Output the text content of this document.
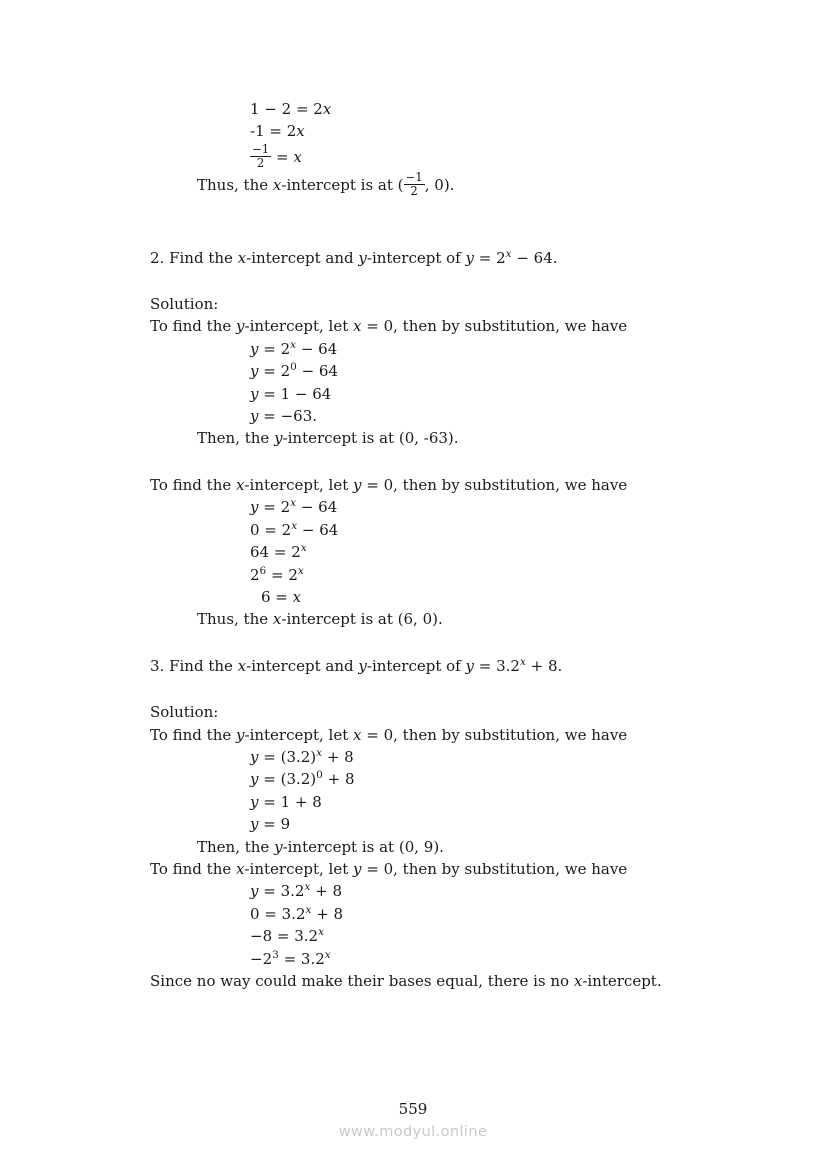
1 − 2 = 2x
-1 = 2x
$\frac{-1}{2} = x$
Thus, the x-intercept is at ( $\frac{-1}{2}$ , 0).
2. Find the x-intercept and y-intercept of $y = 2^x - 64$.
Solution:
To find the y-intercept, let x = 0, then by substitution, we have
$y = 2^x - 64$
$y = 2^0 - 64$
y = 1 − 64
y = −63.
Then, the y-intercept is at (0, -63).
To find the x-intercept, let y = 0, then by substitution, we have
$y = 2^x - 64$
$0 = 2^x - 64$
$64 = 2^x$
$2^6 = 2^x$
6 = x
Thus, the x-intercept is at (6, 0).
3. Find the x-intercept and y-intercept of $y = 3.2^x + 8$.
Solution:
To find the y-intercept, let x = 0, then by substitution, we have
$y = (3.2)^x + 8$
$y = (3.2)^0 + 8$
y = 1 + 8
y = 9
Then, the y-intercept is at (0, 9).
To find the x-intercept, let y = 0, then by substitution, we have
$y = 3.2^x + 8$
$0 = 3.2^x + 8$
$-8 = 3.2^x$
$-2^3 = 3.2^x$
Since no way could make their bases equal, there is no x-intercept.
559
www.modyul.online
